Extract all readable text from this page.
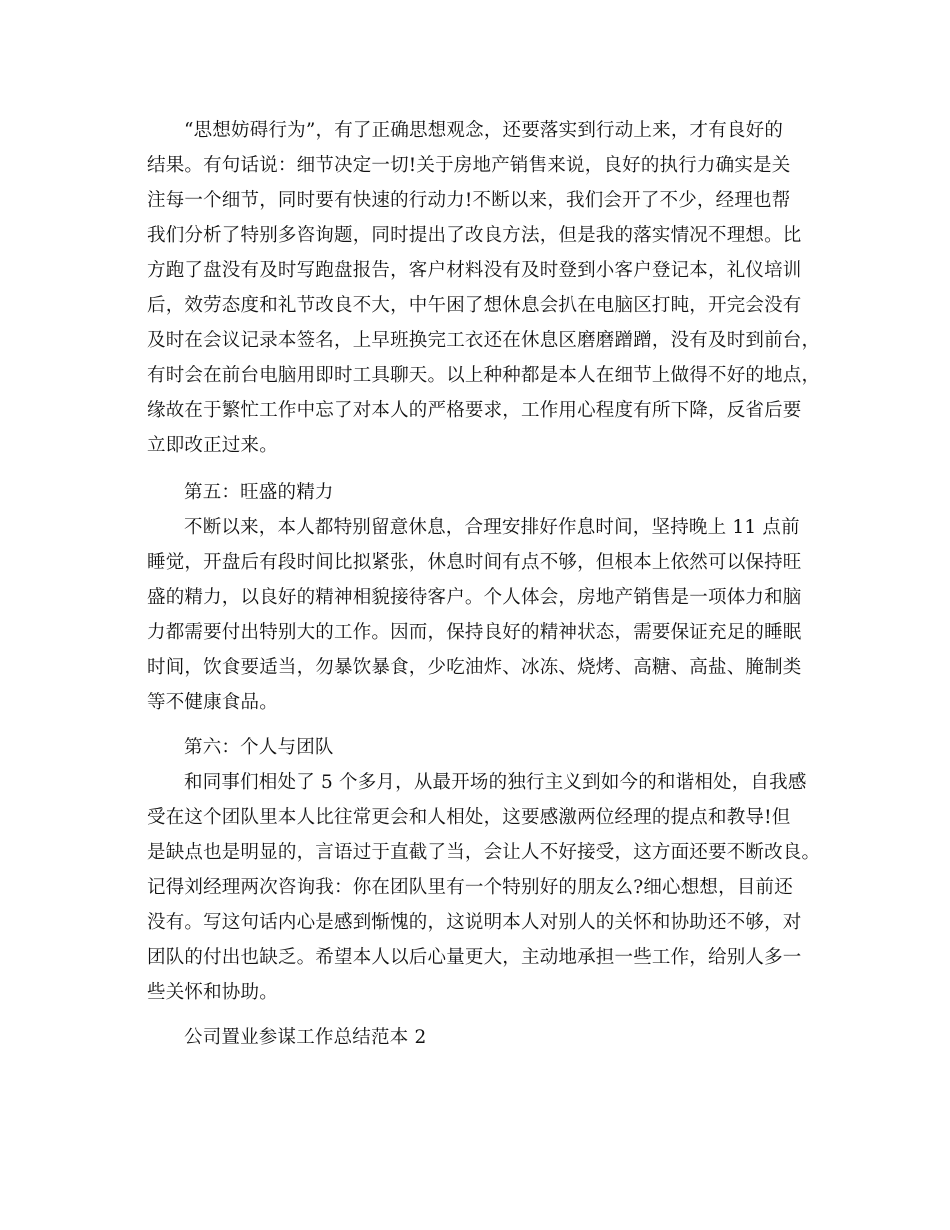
“思想妨碍行为”，有了正确思想观念，还要落实到行动上来，才有良好的
结果。有句话说：细节决定一切!关于房地产销售来说，良好的执行力确实是关
注每一个细节，同时要有快速的行动力!不断以来，我们会开了不少，经理也帮
我们分析了特别多咨询题，同时提出了改良方法，但是我的落实情况不理想。比
方跑了盘没有及时写跑盘报告，客户材料没有及时登到小客户登记本，礼仪培训
后，效劳态度和礼节改良不大，中午困了想休息会扒在电脑区打盹，开完会没有
及时在会议记录本签名，上早班换完工衣还在休息区磨磨蹭蹭，没有及时到前台，
有时会在前台电脑用即时工具聊天。以上种种都是本人在细节上做得不好的地点，
缘故在于繁忙工作中忘了对本人的严格要求，工作用心程度有所下降，反省后要
立即改正过来。
第五：旺盛的精力
不断以来，本人都特别留意休息，合理安排好作息时间，坚持晚上 11 点前
睡觉，开盘后有段时间比拟紧张，休息时间有点不够，但根本上依然可以保持旺
盛的精力，以良好的精神相貌接待客户。个人体会，房地产销售是一项体力和脑
力都需要付出特别大的工作。因而，保持良好的精神状态，需要保证充足的睡眠
时间，饮食要适当，勿暴饮暴食，少吃油炸、冰冻、烧烤、高糖、高盐、腌制类
等不健康食品。
第六：个人与团队
和同事们相处了 5 个多月，从最开场的独行主义到如今的和谐相处，自我感
受在这个团队里本人比往常更会和人相处，这要感激两位经理的提点和教导!但
是缺点也是明显的，言语过于直截了当，会让人不好接受，这方面还要不断改良。
记得刘经理两次咨询我：你在团队里有一个特别好的朋友么?细心想想，目前还
没有。写这句话内心是感到惭愧的，这说明本人对别人的关怀和协助还不够，对
团队的付出也缺乏。希望本人以后心量更大，主动地承担一些工作，给别人多一
些关怀和协助。
公司置业参谋工作总结范本 2
